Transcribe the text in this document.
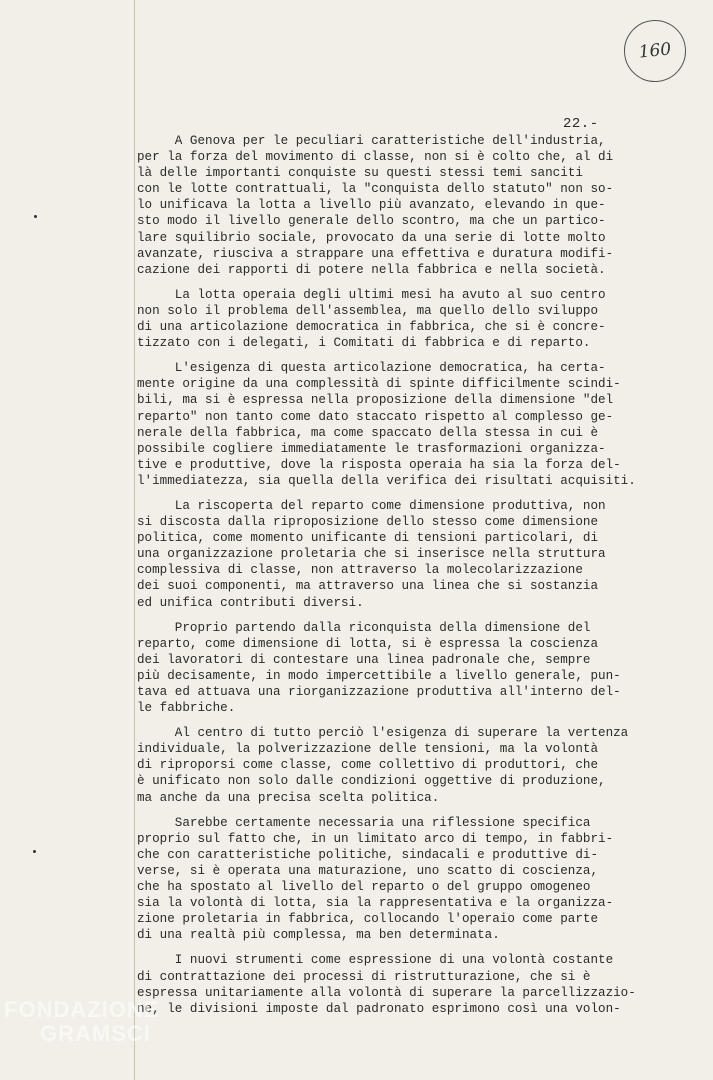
160
22.-

A Genova per le peculiari caratteristiche dell'industria,
per la forza del movimento di classe, non si è colto che, al di
là delle importanti conquiste su questi stessi temi sanciti
con le lotte contrattuali, la "conquista dello statuto" non so-
lo unificava la lotta a livello più avanzato, elevando in que-
sto modo il livello generale dello scontro, ma che un partico-
lare squilibrio sociale, provocato da una serie di lotte molto
avanzate, riusciva a strappare una effettiva e duratura modifi-
cazione dei rapporti di potere nella fabbrica e nella società.

La lotta operaia degli ultimi mesi ha avuto al suo centro
non solo il problema dell'assemblea, ma quello dello sviluppo
di una articolazione democratica in fabbrica, che si è concre-
tizzato con i delegati, i Comitati di fabbrica e di reparto.

L'esigenza di questa articolazione democratica, ha certa-
mente origine da una complessità di spinte difficilmente scindi-
bili, ma si è espressa nella proposizione della dimensione "del
reparto" non tanto come dato staccato rispetto al complesso ge-
nerale della fabbrica, ma come spaccato della stessa in cui è
possibile cogliere immediatamente le trasformazioni organizza-
tive e produttive, dove la risposta operaia ha sia la forza del-
l'immediatezza, sia quella della verifica dei risultati acquisiti.

La riscoperta del reparto come dimensione produttiva, non
si discosta dalla riproposizione dello stesso come dimensione
politica, come momento unificante di tensioni particolari, di
una organizzazione proletaria che si inserisce nella struttura
complessiva di classe, non attraverso la molecolarizzazione
dei suoi componenti, ma attraverso una linea che si sostanzia
ed unifica contributi diversi.

Proprio partendo dalla riconquista della dimensione del
reparto, come dimensione di lotta, si è espressa la coscienza
dei lavoratori di contestare una linea padronale che, sempre
più decisamente, in modo impercettibile a livello generale, pun-
tava ed attuava una riorganizzazione produttiva all'interno del-
le fabbriche.

Al centro di tutto perciò l'esigenza di superare la vertenza
individuale, la polverizzazione delle tensioni, ma la volontà
di riproporsi come classe, come collettivo di produttori, che
è unificato non solo dalle condizioni oggettive di produzione,
ma anche da una precisa scelta politica.

Sarebbe certamente necessaria una riflessione specifica
proprio sul fatto che, in un limitato arco di tempo, in fabbri-
che con caratteristiche politiche, sindacali e produttive di-
verse, si è operata una maturazione, uno scatto di coscienza,
che ha spostato al livello del reparto o del gruppo omogeneo
sia la volontà di lotta, sia la rappresentativa e la organizza-
zione proletaria in fabbrica, collocando l'operaio come parte
di una realtà più complessa, ma ben determinata.

I nuovi strumenti come espressione di una volontà costante
di contrattazione dei processi di ristrutturazione, che si è
espressa unitariamente alla volontà di superare la parcellizzazio-
ne, le divisioni imposte dal padronato esprimono così una volon-

FONDAZIONE
GRAMSCI
